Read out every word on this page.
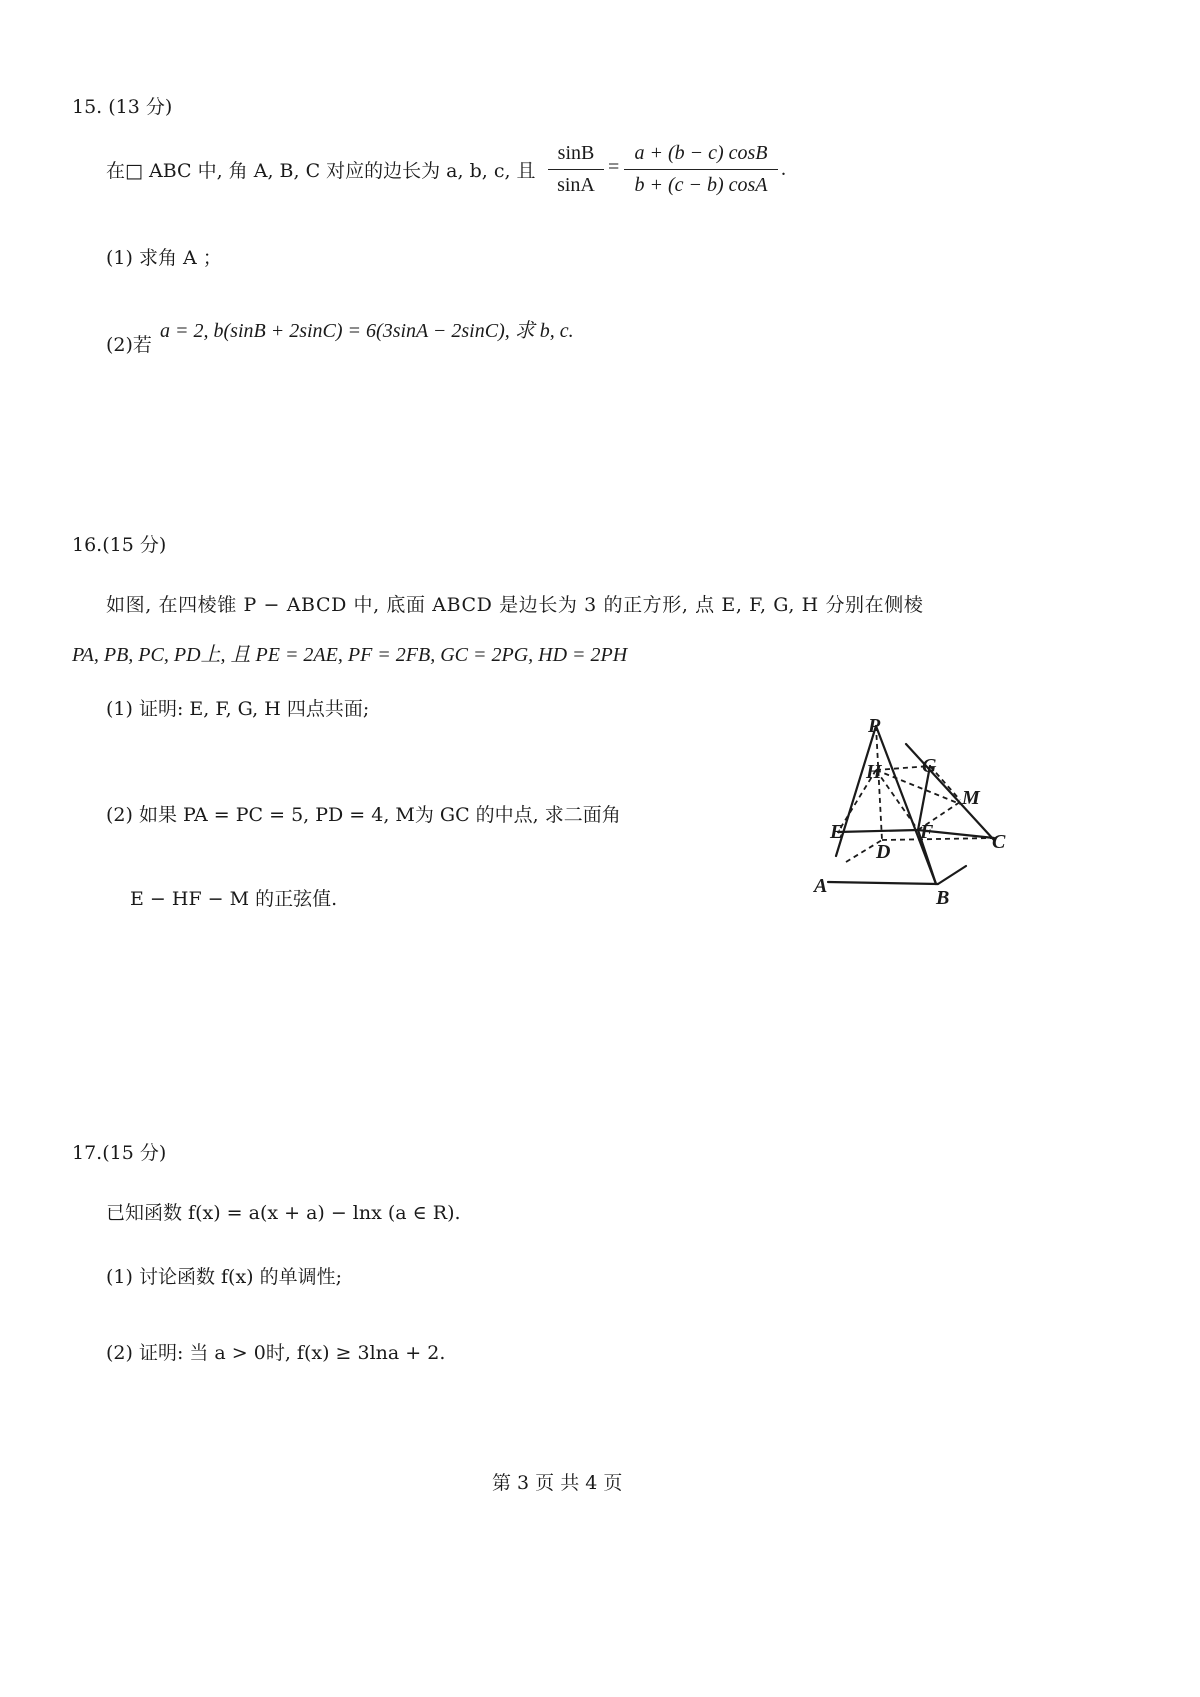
15. (13 分)
在□ ABC 中, 角 A, B, C 对应的边长为 a, b, c, 且
sinB
sinA
=
a + (b − c) cosB
b + (c − b) cosA
.
(1) 求角 A ；
(2)若
a = 2, b(sinB + 2sinC) = 6(3sinA − 2sinC), 求 b, c.
16.(15 分)
如图, 在四棱锥 P − ABCD 中, 底面 ABCD 是边长为 3 的正方形, 点 E, F, G, H 分别在侧棱
PA, PB, PC, PD上, 且 PE = 2AE, PF = 2FB, GC = 2PG, HD = 2PH
(1) 证明: E, F, G, H 四点共面;
(2) 如果 PA = PC = 5, PD = 4, M为 GC 的中点, 求二面角
E − HF − M 的正弦值.
P
H G
M
E	F	C
D
A
B
17.(15 分)
已知函数 f(x) = a(x + a) − lnx (a ∈ R).
(1) 讨论函数 f(x) 的单调性;
(2) 证明: 当 a > 0时, f(x) ≥ 3lna + 2.
第 3 页 共 4 页
